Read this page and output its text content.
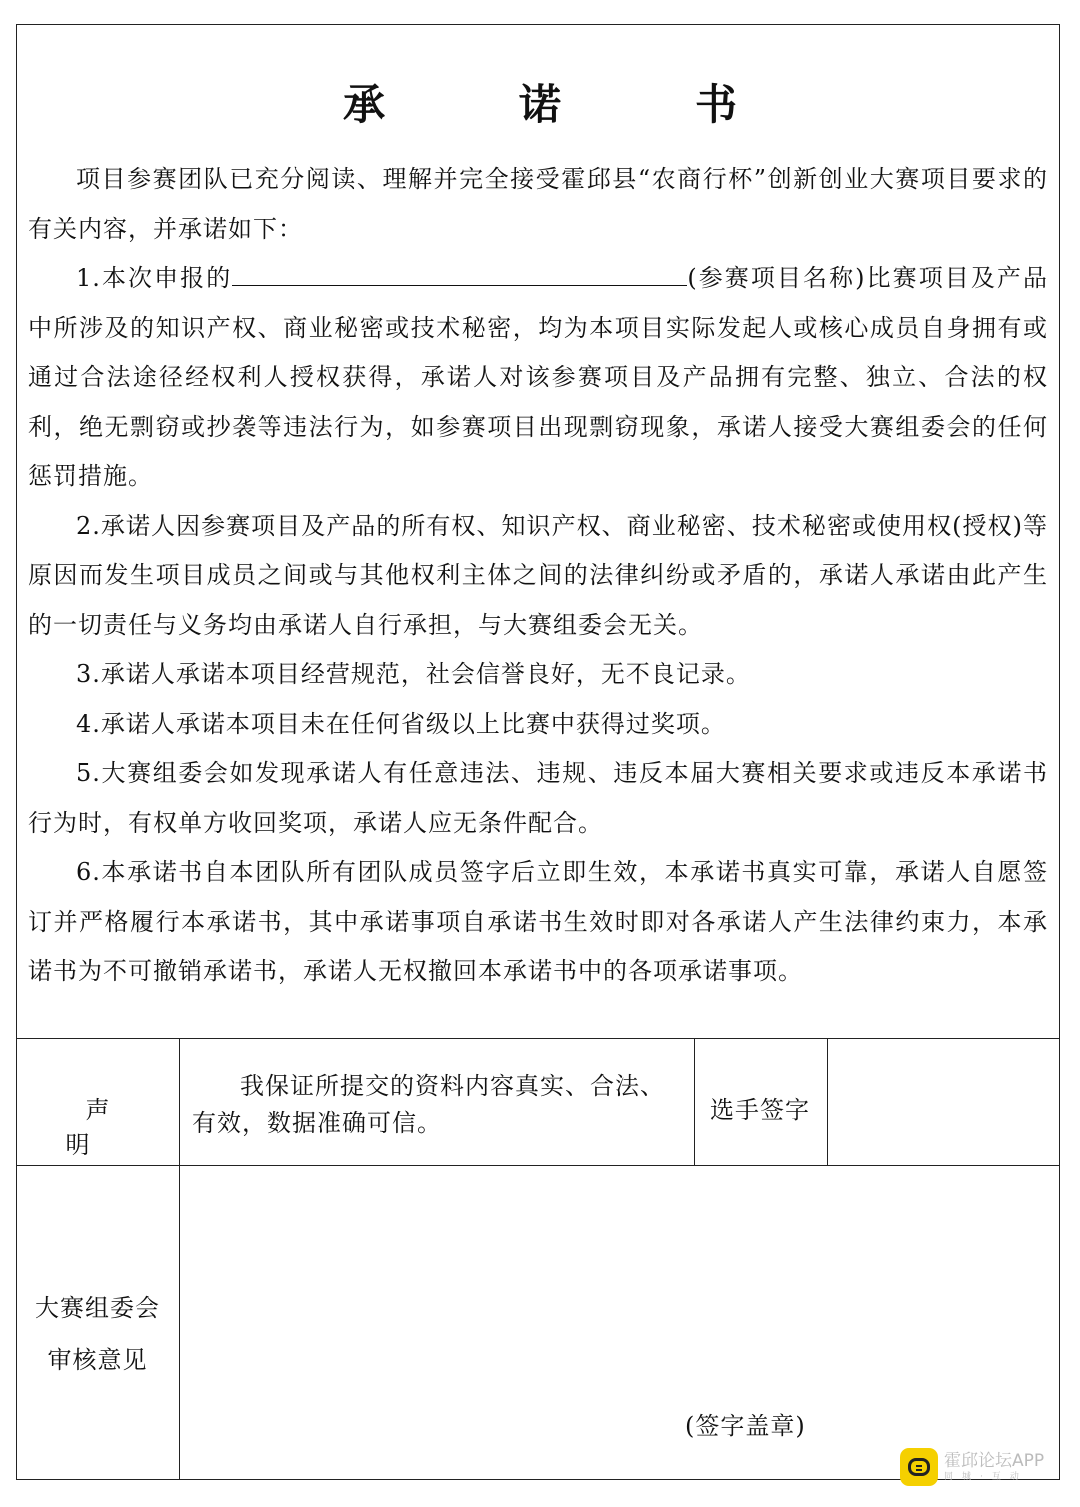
承　诺　书

项目参赛团队已充分阅读、理解并完全接受霍邱县“农商行杯”创新创业大赛项目要求的有关内容，并承诺如下：

1.本次申报的	(参赛项目名称)比赛项目及产品中所涉及的知识产权、商业秘密或技术秘密，均为本项目实际发起人或核心成员自身拥有或通过合法途径经权利人授权获得，承诺人对该参赛项目及产品拥有完整、独立、合法的权利，绝无剽窃或抄袭等违法行为，如参赛项目出现剽窃现象，承诺人接受大赛组委会的任何惩罚措施。

2.承诺人因参赛项目及产品的所有权、知识产权、商业秘密、技术秘密或使用权(授权)等原因而发生项目成员之间或与其他权利主体之间的法律纠纷或矛盾的，承诺人承诺由此产生的一切责任与义务均由承诺人自行承担，与大赛组委会无关。

3.承诺人承诺本项目经营规范，社会信誉良好，无不良记录。

4.承诺人承诺本项目未在任何省级以上比赛中获得过奖项。

5.大赛组委会如发现承诺人有任意违法、违规、违反本届大赛相关要求或违反本承诺书行为时，有权单方收回奖项，承诺人应无条件配合。

6.本承诺书自本团队所有团队成员签字后立即生效，本承诺书真实可靠，承诺人自愿签订并严格履行本承诺书，其中承诺事项自承诺书生效时即对各承诺人产生法律约束力，本承诺书为不可撤销承诺书，承诺人无权撤回本承诺书中的各项承诺事项。

声明
我保证所提交的资料内容真实、合法、有效，数据准确可信。	选手签字
大赛组委会
审核意见
(签字盖章)
霍邱论坛APP
同城·互动
